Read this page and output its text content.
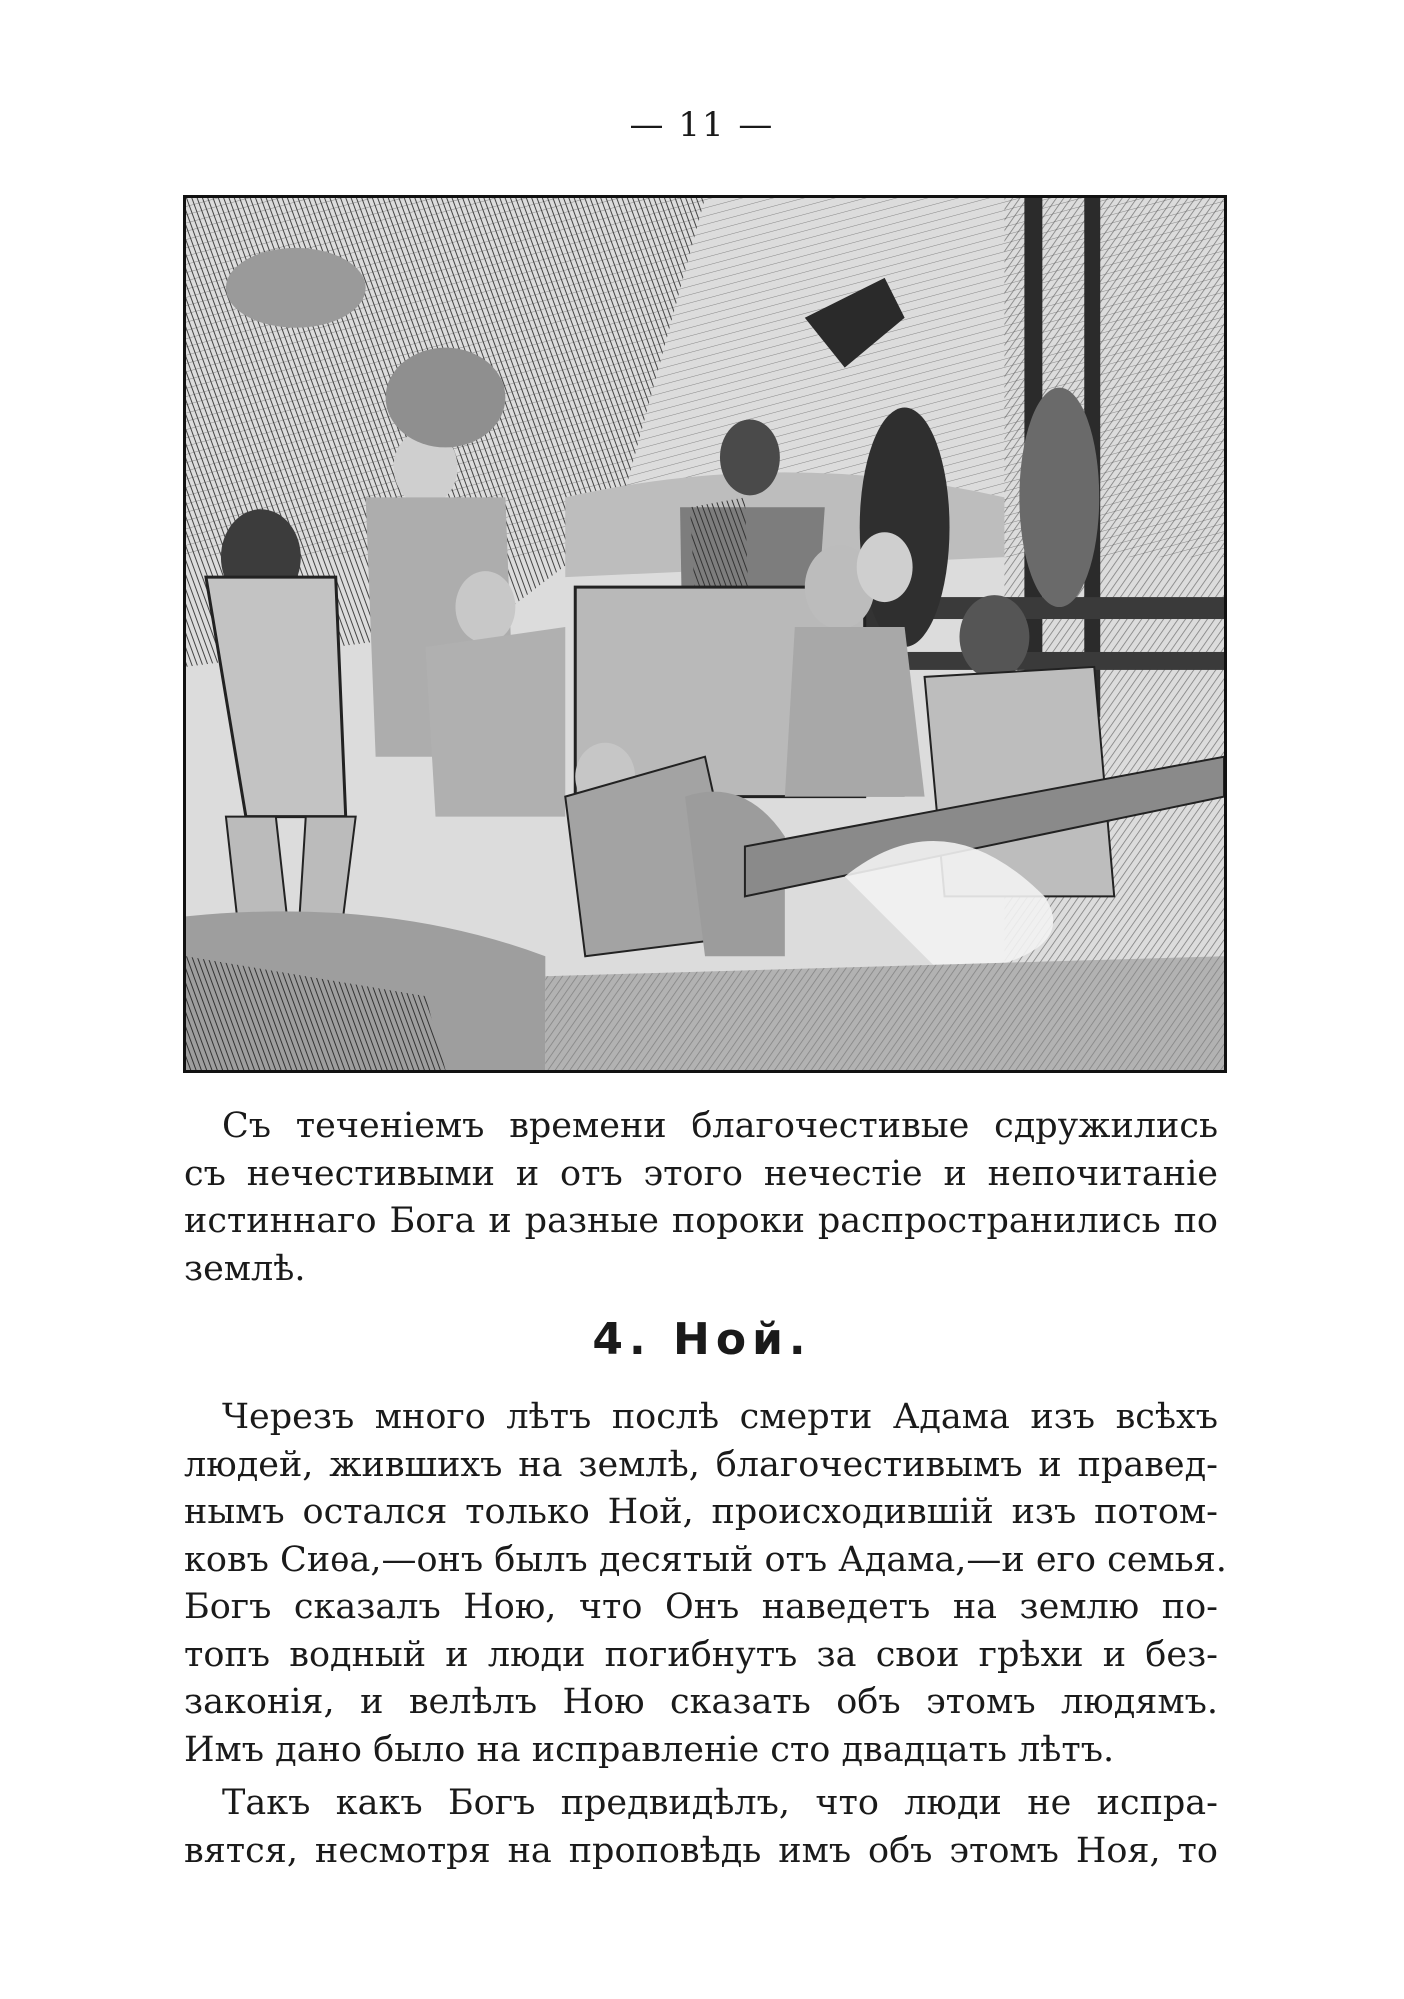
— 11 —
Съ теченіемъ времени благочестивые сдружились
съ нечестивыми и отъ этого нечестіе и непочитаніе
истиннаго Бога и разные пороки распространились по
землѣ.
4. Ной.
Черезъ много лѣтъ послѣ смерти Адама изъ всѣхъ
людей, жившихъ на землѣ, благочестивымъ и правед-
нымъ остался только Ной, происходившій изъ потом-
ковъ Сиѳа,—онъ былъ десятый отъ Адама,—и его семья.
Богъ сказалъ Ною, что Онъ наведетъ на землю по-
топъ водный и люди погибнутъ за свои грѣхи и без-
законія, и велѣлъ Ною сказать объ этомъ людямъ.
Имъ дано было на исправленіе сто двадцать лѣтъ.
Такъ какъ Богъ предвидѣлъ, что люди не испра-
вятся, несмотря на проповѣдь имъ объ этомъ Ноя, то
